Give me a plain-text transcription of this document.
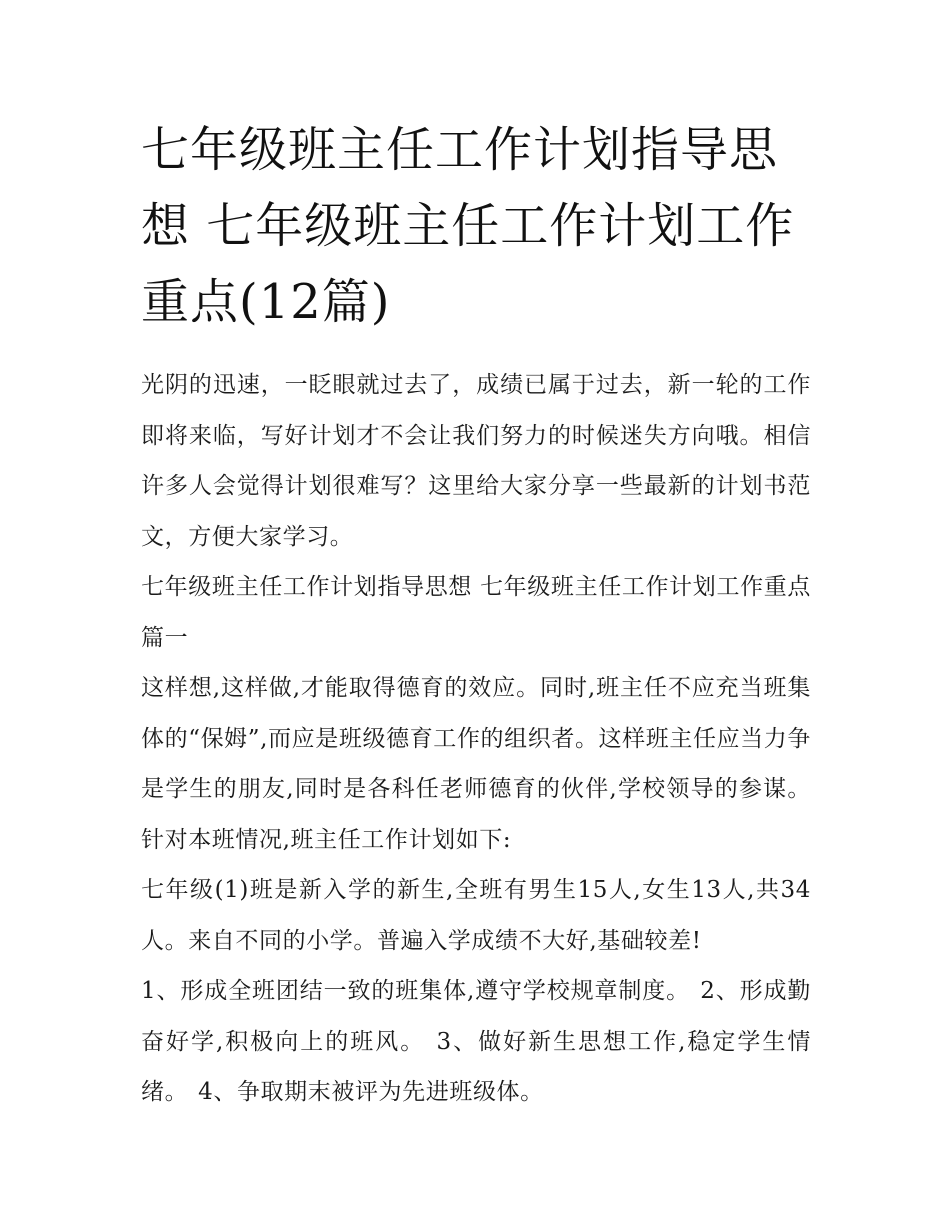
七年级班主任工作计划指导思想 七年级班主任工作计划工作重点(12篇)

光阴的迅速，一眨眼就过去了，成绩已属于过去，新一轮的工作即将来临，写好计划才不会让我们努力的时候迷失方向哦。相信许多人会觉得计划很难写？这里给大家分享一些最新的计划书范文，方便大家学习。

七年级班主任工作计划指导思想 七年级班主任工作计划工作重点篇一

这样想,这样做,才能取得德育的效应。同时,班主任不应充当班集体的“保姆”,而应是班级德育工作的组织者。这样班主任应当力争是学生的朋友,同时是各科任老师德育的伙伴,学校领导的参谋。针对本班情况,班主任工作计划如下:

七年级(1)班是新入学的新生,全班有男生15人,女生13人,共34人。来自不同的小学。普遍入学成绩不大好,基础较差!

1、形成全班团结一致的班集体,遵守学校规章制度。 2、形成勤奋好学,积极向上的班风。 3、做好新生思想工作,稳定学生情绪。 4、争取期末被评为先进班级体。
